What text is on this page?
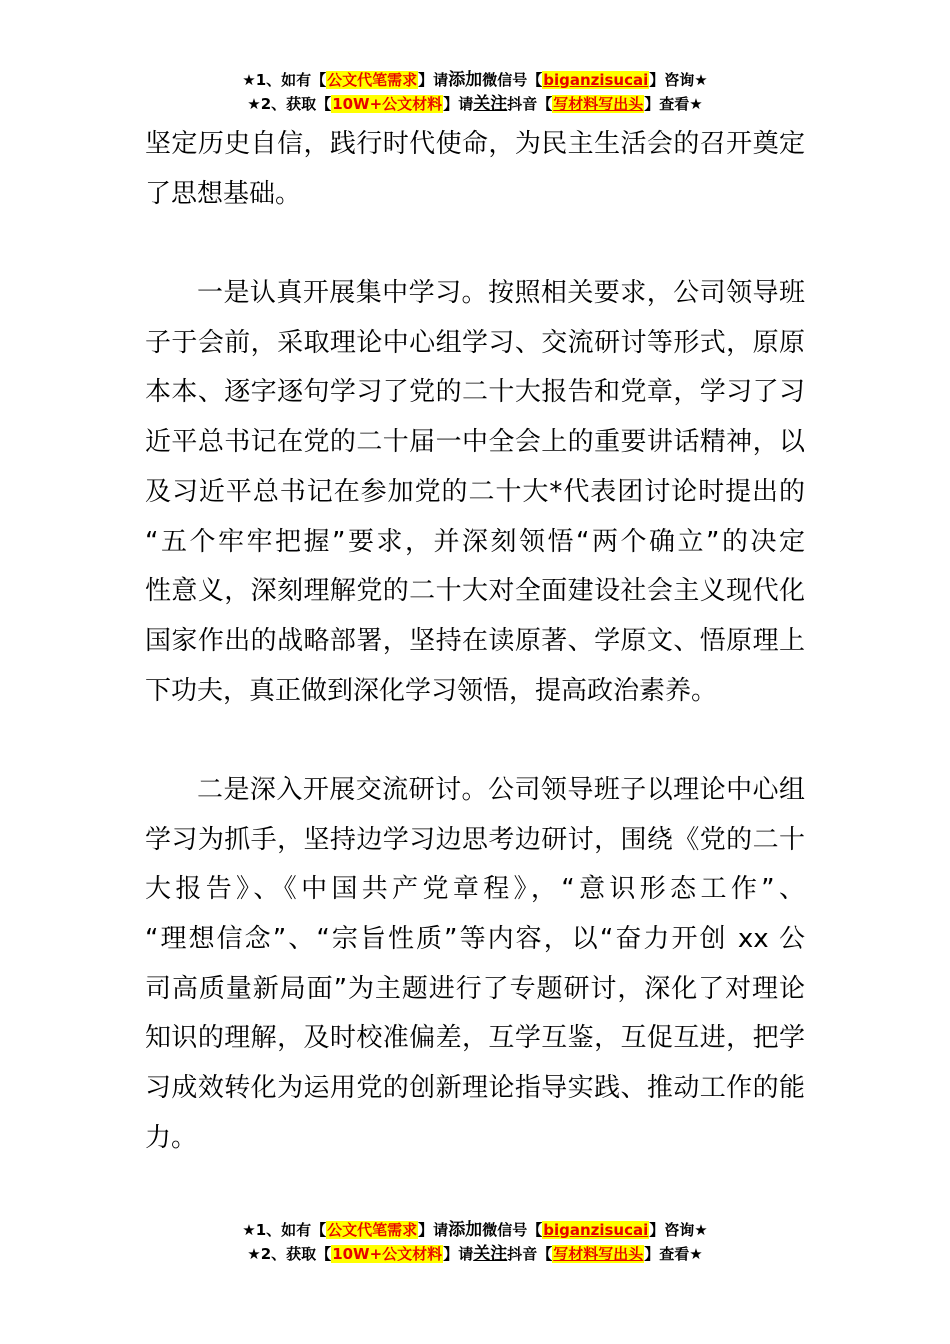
★1、如有【公文代笔需求】请添加微信号【biganzisucai】咨询★
★2、获取【10W+公文材料】请关注抖音【写材料写出头】查看★
坚定历史自信，践行时代使命，为民主生活会的召开奠定
了思想基础。
一是认真开展集中学习。按照相关要求，公司领导班
子于会前，采取理论中心组学习、交流研讨等形式，原原
本本、逐字逐句学习了党的二十大报告和党章，学习了习
近平总书记在党的二十届一中全会上的重要讲话精神，以
及习近平总书记在参加党的二十大*代表团讨论时提出的
“五个牢牢把握”要求，并深刻领悟“两个确立”的决定
性意义，深刻理解党的二十大对全面建设社会主义现代化
国家作出的战略部署，坚持在读原著、学原文、悟原理上
下功夫，真正做到深化学习领悟，提高政治素养。
二是深入开展交流研讨。公司领导班子以理论中心组
学习为抓手，坚持边学习边思考边研讨，围绕《党的二十
大报告》、《中国共产党章程》，“意识形态工作”、
“理想信念”、“宗旨性质”等内容，以“奋力开创 xx 公
司高质量新局面”为主题进行了专题研讨，深化了对理论
知识的理解，及时校准偏差，互学互鉴，互促互进，把学
习成效转化为运用党的创新理论指导实践、推动工作的能
力。
★1、如有【公文代笔需求】请添加微信号【biganzisucai】咨询★
★2、获取【10W+公文材料】请关注抖音【写材料写出头】查看★
